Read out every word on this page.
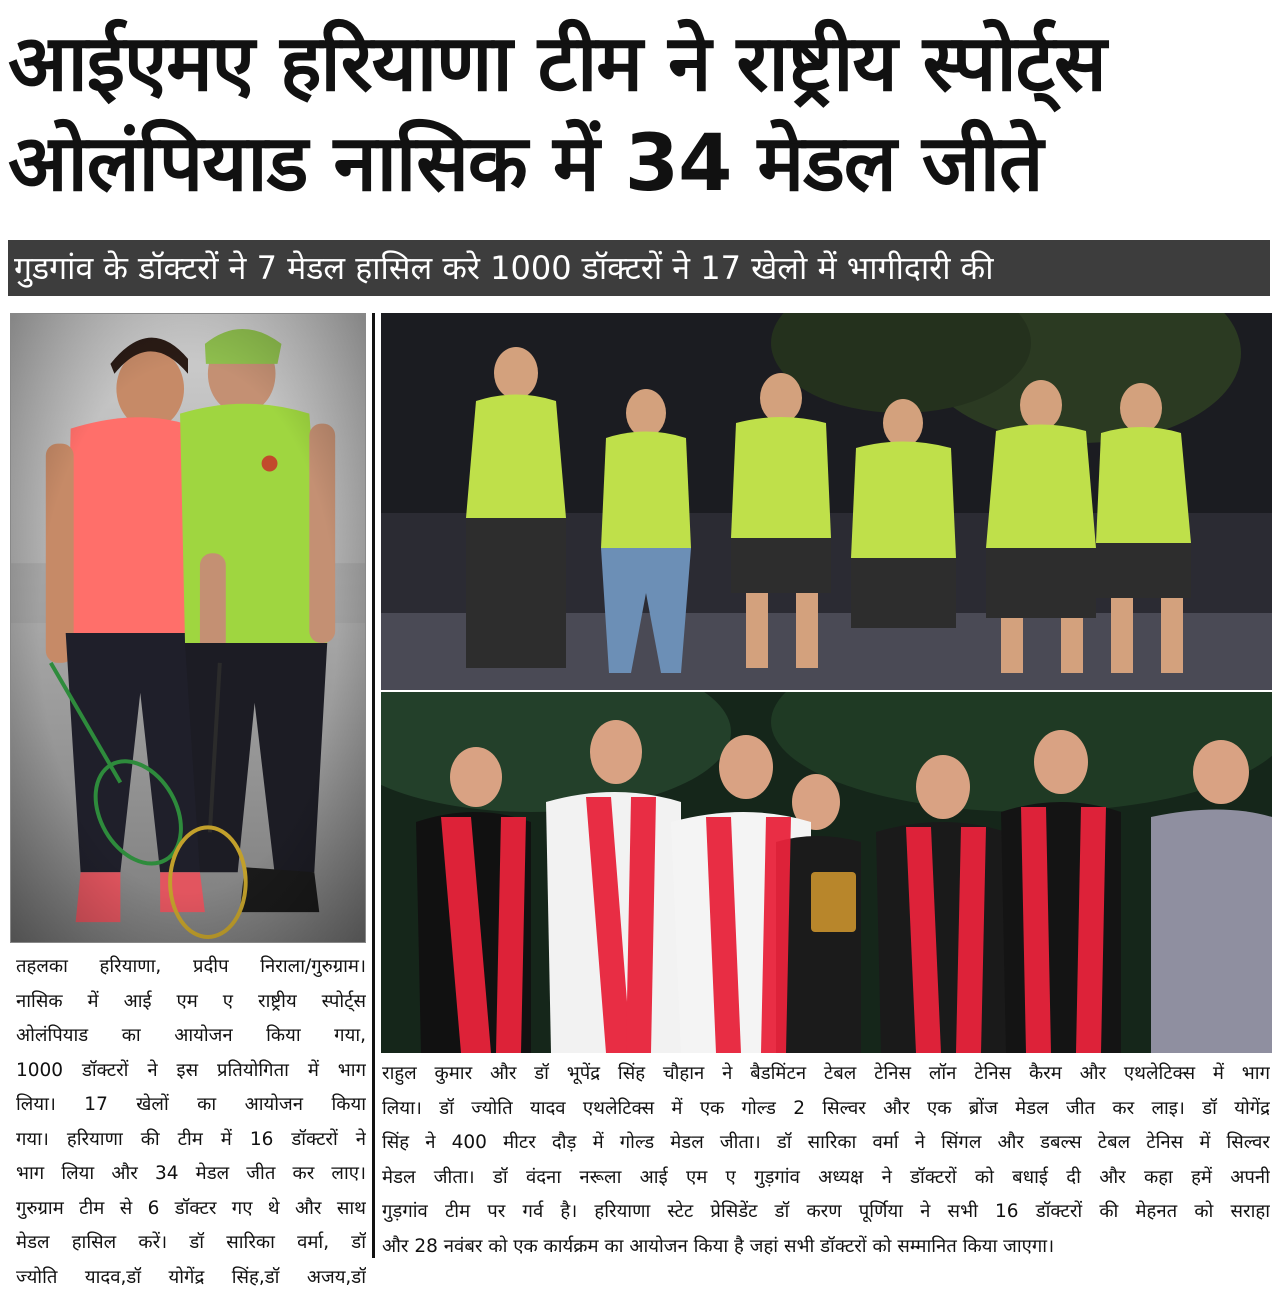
आईएमए हरियाणा टीम ने राष्ट्रीय स्पोर्ट्स
ओलंपियाड नासिक में 34 मेडल जीते
गुडगांव के डॉक्टरों ने 7 मेडल हासिल करे 1000 डॉक्टरों ने 17 खेलो में भागीदारी की
तहलका हरियाणा, प्रदीप निराला/गुरुग्राम।
नासिक में आई एम ए राष्ट्रीय स्पोर्ट्स
ओलंपियाड का आयोजन किया गया,
1000 डॉक्टरों ने इस प्रतियोगिता में भाग
लिया। 17 खेलों का आयोजन किया
गया। हरियाणा की टीम में 16 डॉक्टरों ने
भाग लिया और 34 मेडल जीत कर लाए।
गुरुग्राम टीम से 6 डॉक्टर गए थे और साथ
मेडल हासिल करें। डॉ सारिका वर्मा, डॉ
ज्योति यादव,डॉ योगेंद्र सिंह,डॉ अजय,डॉ
राहुल कुमार और डॉ भूपेंद्र सिंह चौहान ने बैडमिंटन टेबल टेनिस लॉन टेनिस कैरम और एथलेटिक्स में भाग
लिया। डॉ ज्योति यादव एथलेटिक्स में एक गोल्ड 2 सिल्वर और एक ब्रोंज मेडल जीत कर लाइ। डॉ योगेंद्र
सिंह ने 400 मीटर दौड़ में गोल्ड मेडल जीता। डॉ सारिका वर्मा ने सिंगल और डबल्स टेबल टेनिस में सिल्वर
मेडल जीता। डॉ वंदना नरूला आई एम ए गुड़गांव अध्यक्ष ने डॉक्टरों को बधाई दी और कहा हमें अपनी
गुड़गांव टीम पर गर्व है। हरियाणा स्टेट प्रेसिडेंट डॉ करण पूर्णिया ने सभी 16 डॉक्टरों की मेहनत को सराहा
और 28 नवंबर को एक कार्यक्रम का आयोजन किया है जहां सभी डॉक्टरों को सम्मानित किया जाएगा।
